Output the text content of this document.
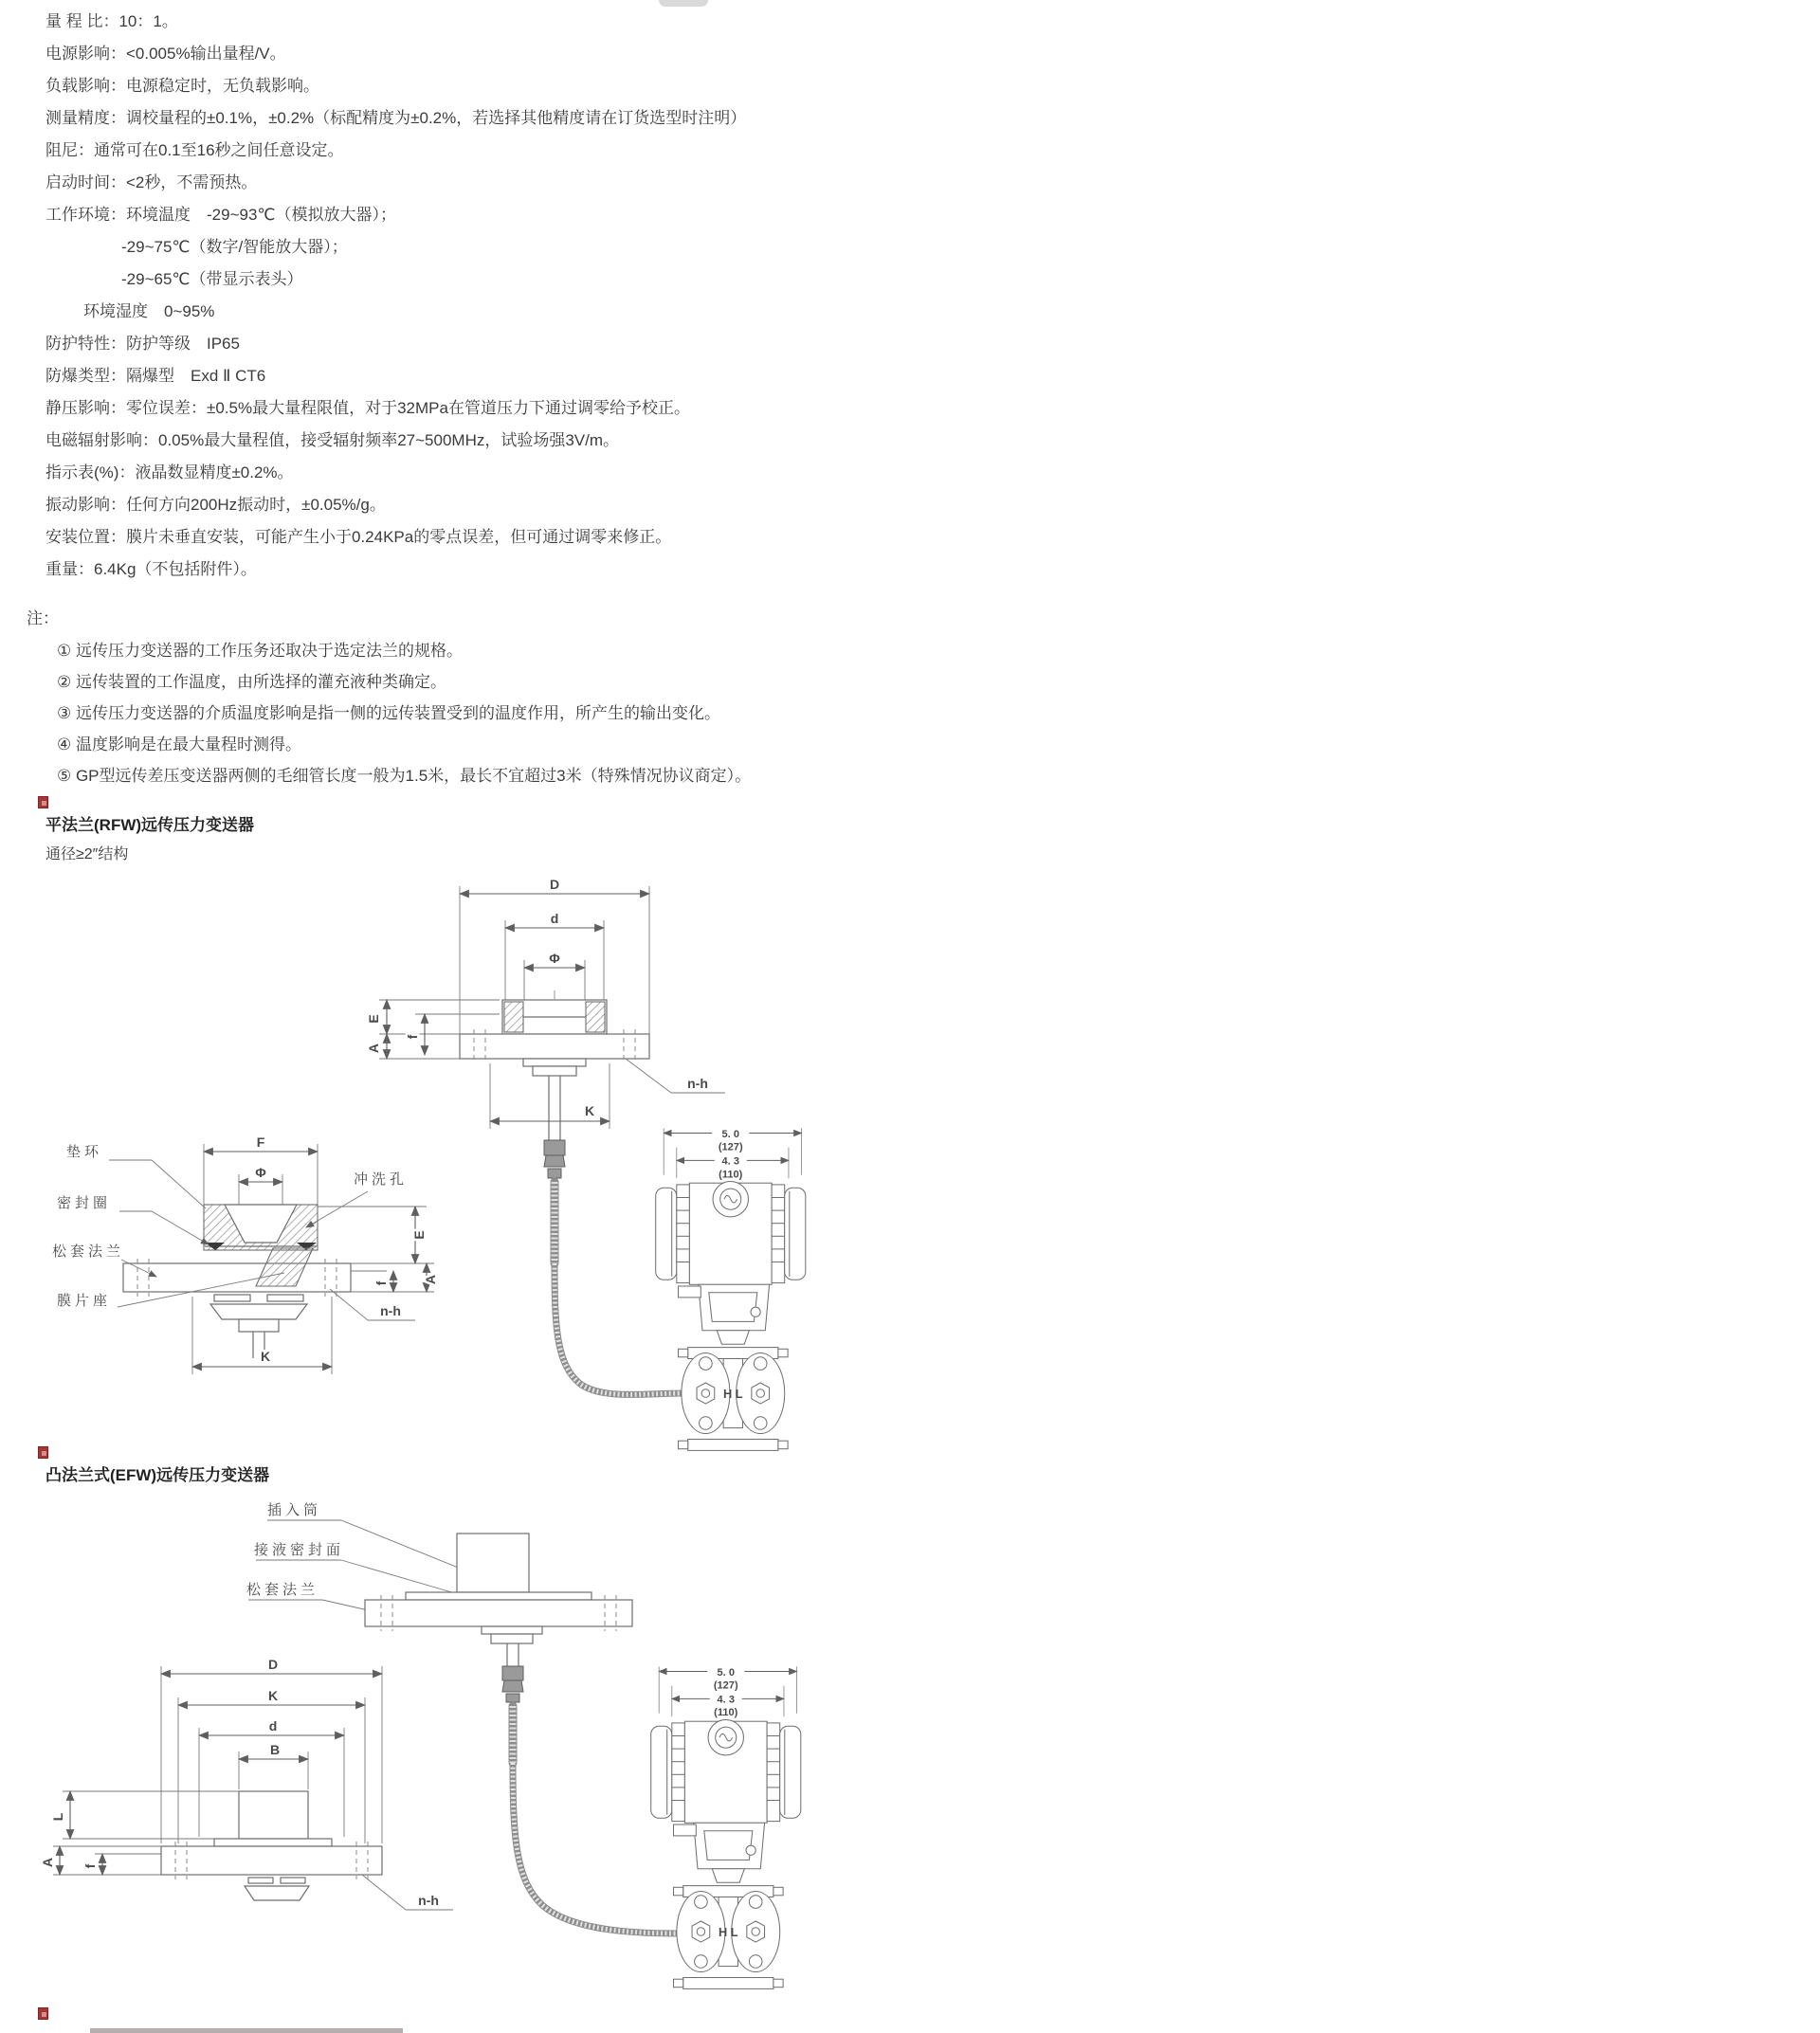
量 程 比：10：1。
电源影响：<0.005%输出量程/V。
负载影响：电源稳定时，无负载影响。
测量精度：调校量程的±0.1%，±0.2%（标配精度为±0.2%，若选择其他精度请在订货选型时注明）
阻尼：通常可在0.1至16秒之间任意设定。
启动时间：<2秒，不需预热。
工作环境：环境温度　-29~93℃（模拟放大器）；
-29~75℃（数字/智能放大器）；
-29~65℃（带显示表头）
环境湿度　0~95%
防护特性：防护等级　IP65
防爆类型：隔爆型　Exd Ⅱ CT6
静压影响：零位误差：±0.5%最大量程限值，对于32MPa在管道压力下通过调零给予校正。
电磁辐射影响：0.05%最大量程值，接受辐射频率27~500MHz，试验场强3V/m。
指示表(%)：液晶数显精度±0.2%。
振动影响：任何方向200Hz振动时，±0.05%/g。
安装位置：膜片未垂直安装，可能产生小于0.24KPa的零点误差，但可通过调零来修正。
重量：6.4Kg（不包括附件）。
注：
① 远传压力变送器的工作压务还取决于选定法兰的规格。
② 远传装置的工作温度，由所选择的灌充液种类确定。
③ 远传压力变送器的介质温度影响是指一侧的远传装置受到的温度作用，所产生的输出变化。
④ 温度影响是在最大量程时测得。
⑤ GP型远传差压变送器两侧的毛细管长度一般为1.5米，最长不宜超过3米（特殊情况协议商定）。
平法兰(RFW)远传压力变送器
通径≥2″结构
D
d
Φ
E
A
f
n-h
K
F
Φ
E
A
f
K
n-h
垫环
密封圈
松套法兰
膜片座
冲洗孔
5. 0
(127)
4. 3
(110)
H L
凸法兰式(EFW)远传压力变送器
插入筒
接液密封面
松套法兰
D
K
d
B
L
A f
n-h
5. 0
(127)
4. 3
(110)
H L
